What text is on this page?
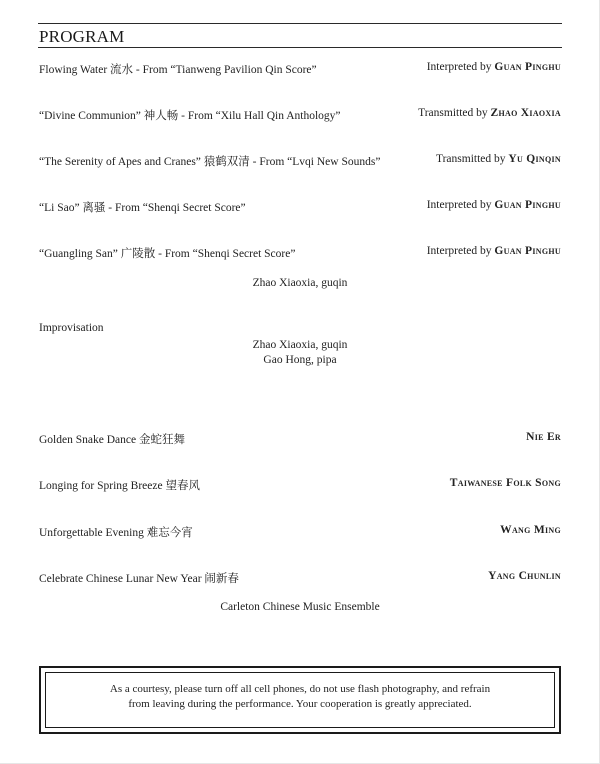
PROGRAM
Flowing Water 流水 - From “Tianweng Pavilion Qin Score”	Interpreted by Guan Pinghu
“Divine Communion” 神人畅 - From “Xilu Hall Qin Anthology”	Transmitted by Zhao Xiaoxia
“The Serenity of Apes and Cranes” 猿鹤双清 - From “Lvqi New Sounds”	Transmitted by Yu Qinqin
“Li Sao” 离骚 - From “Shenqi Secret Score”	Interpreted by Guan Pinghu
“Guangling San” 广陵散 - From “Shenqi Secret Score”	Interpreted by Guan Pinghu
Zhao Xiaoxia, guqin
Improvisation
Zhao Xiaoxia, guqin
Gao Hong, pipa
Golden Snake Dance 金蛇狂舞	Nie Er
Longing for Spring Breeze 望春风	Taiwanese Folk Song
Unforgettable Evening 难忘今宵	Wang Ming
Celebrate Chinese Lunar New Year 闹新春	Yang Chunlin
Carleton Chinese Music Ensemble
As a courtesy, please turn off all cell phones, do not use flash photography, and refrain
from leaving during the performance. Your cooperation is greatly appreciated.
